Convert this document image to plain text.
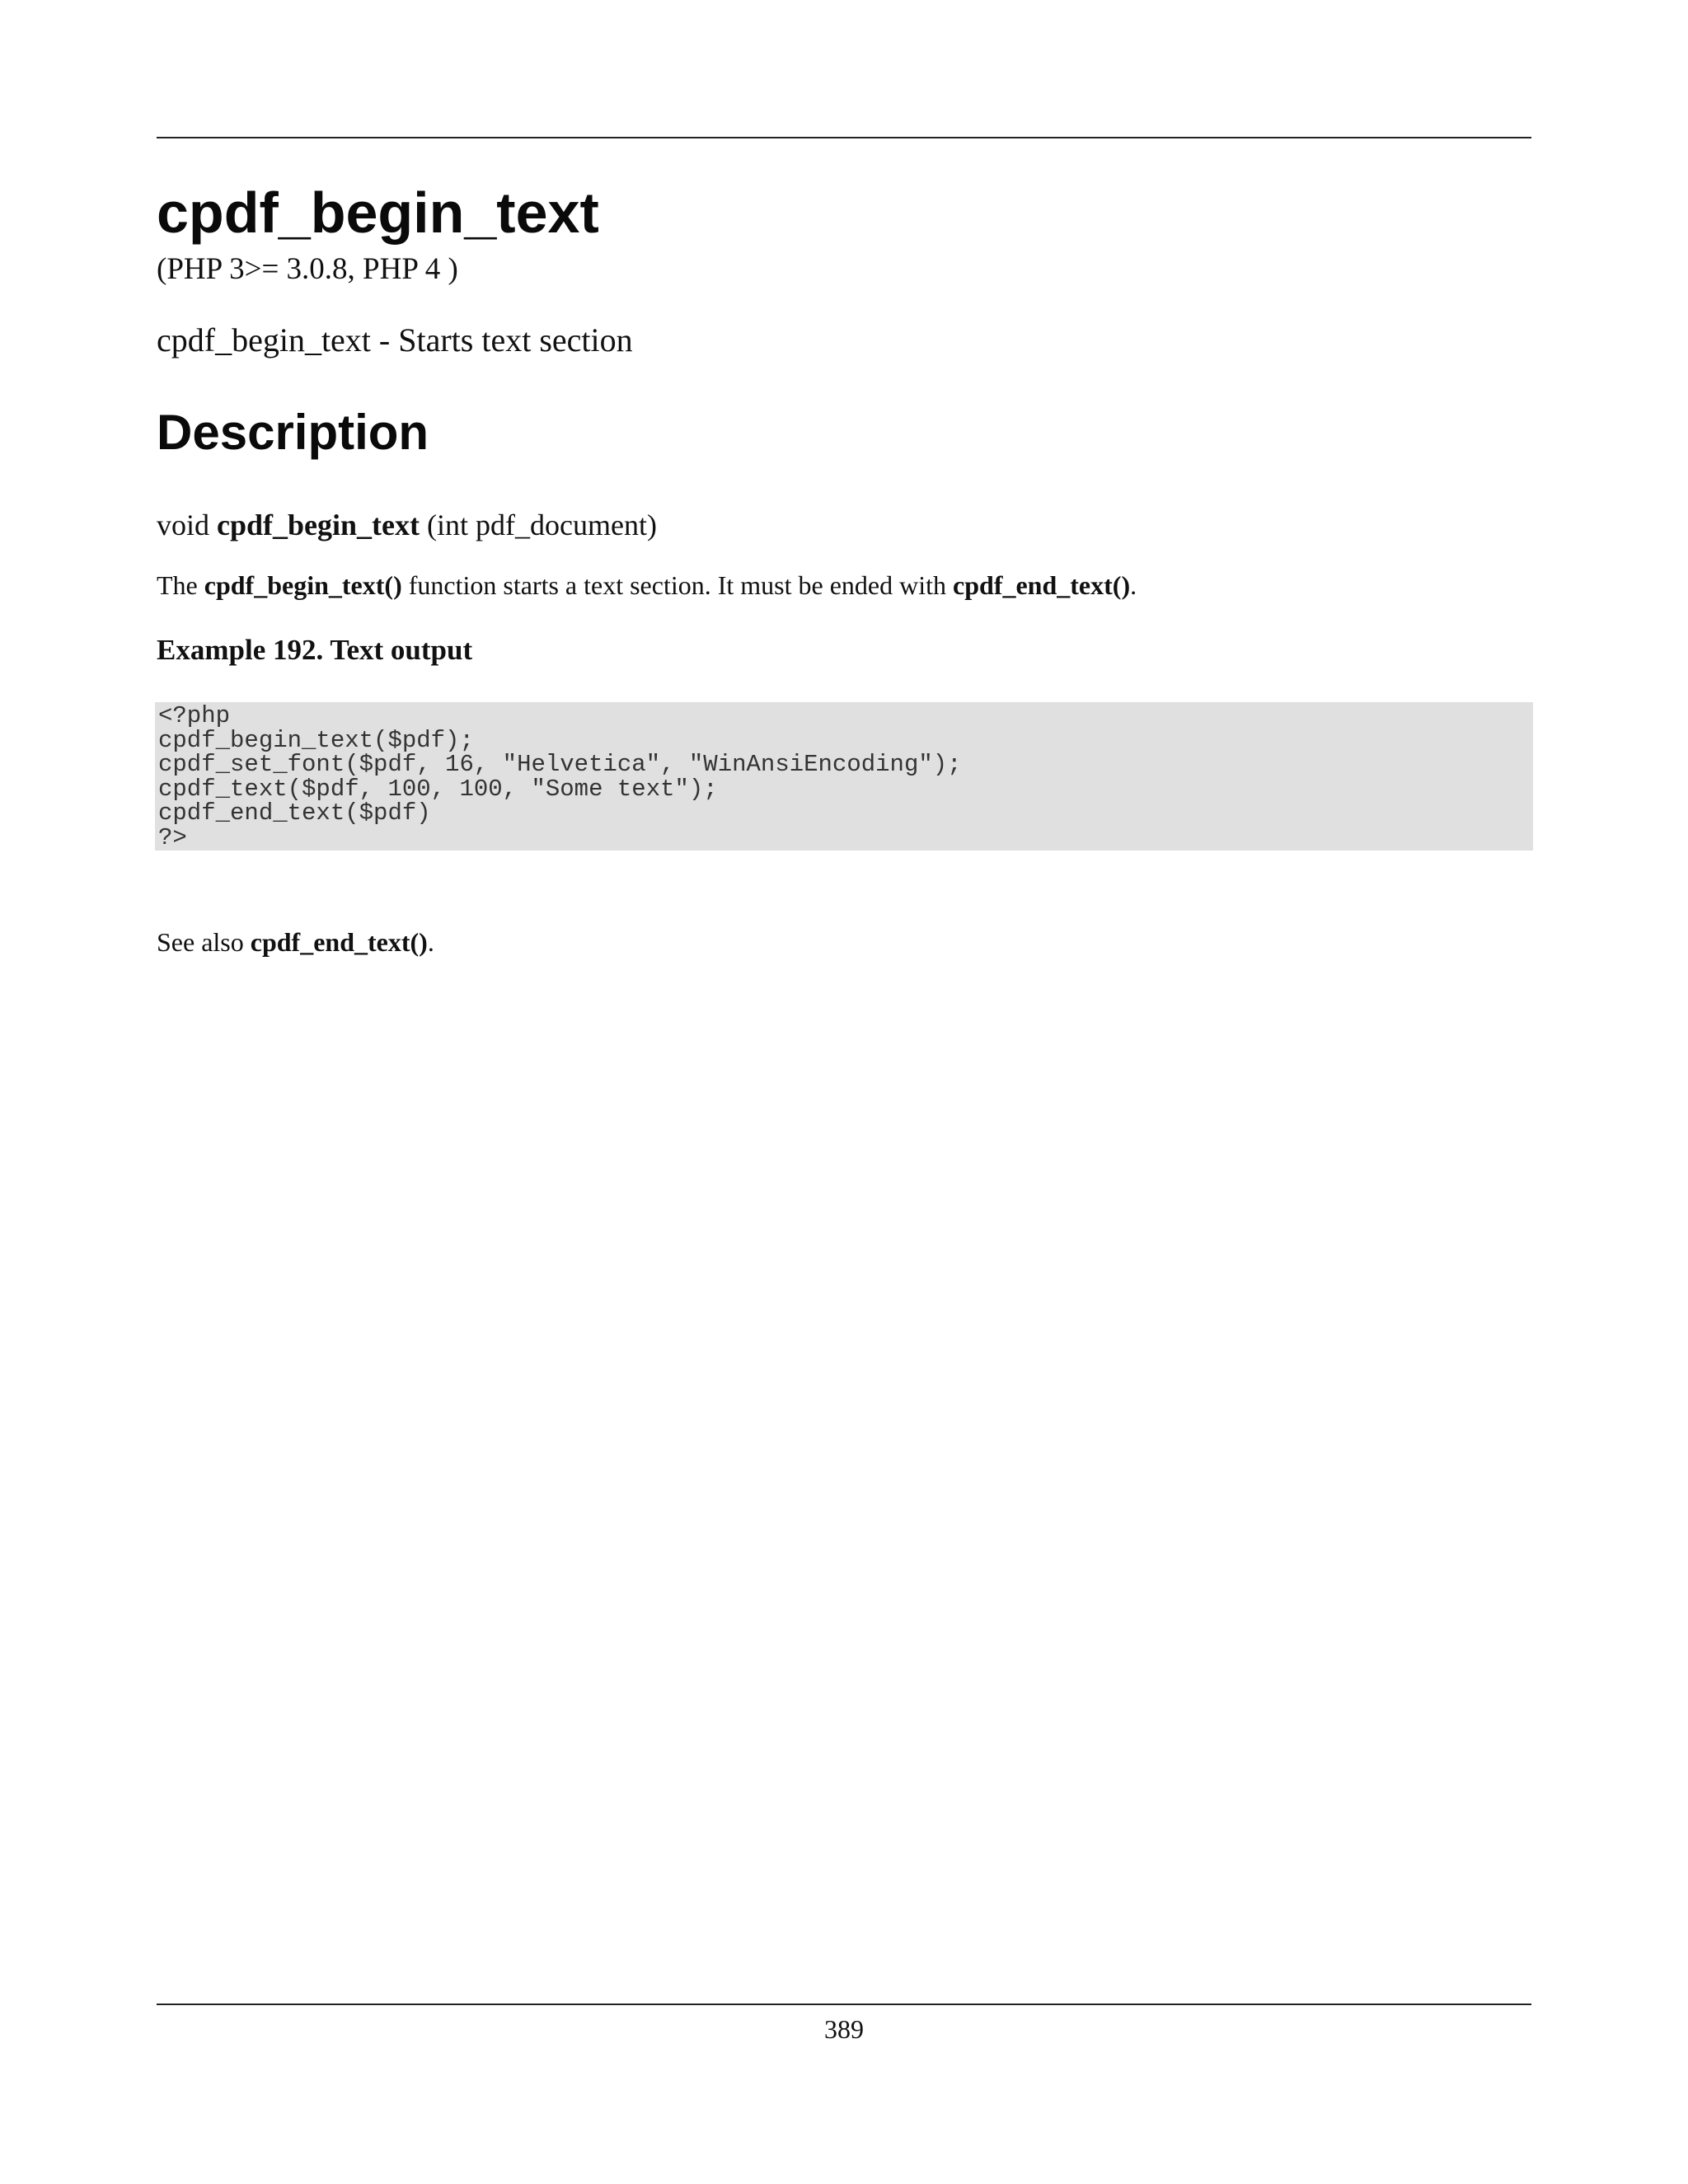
cpdf_begin_text
(PHP 3>= 3.0.8, PHP 4 )
cpdf_begin_text - Starts text section
Description
void cpdf_begin_text (int pdf_document)
The cpdf_begin_text() function starts a text section. It must be ended with cpdf_end_text().
Example 192. Text output
<?php
cpdf_begin_text($pdf);
cpdf_set_font($pdf, 16, "Helvetica", "WinAnsiEncoding");
cpdf_text($pdf, 100, 100, "Some text");
cpdf_end_text($pdf)
?>
See also cpdf_end_text().
389
